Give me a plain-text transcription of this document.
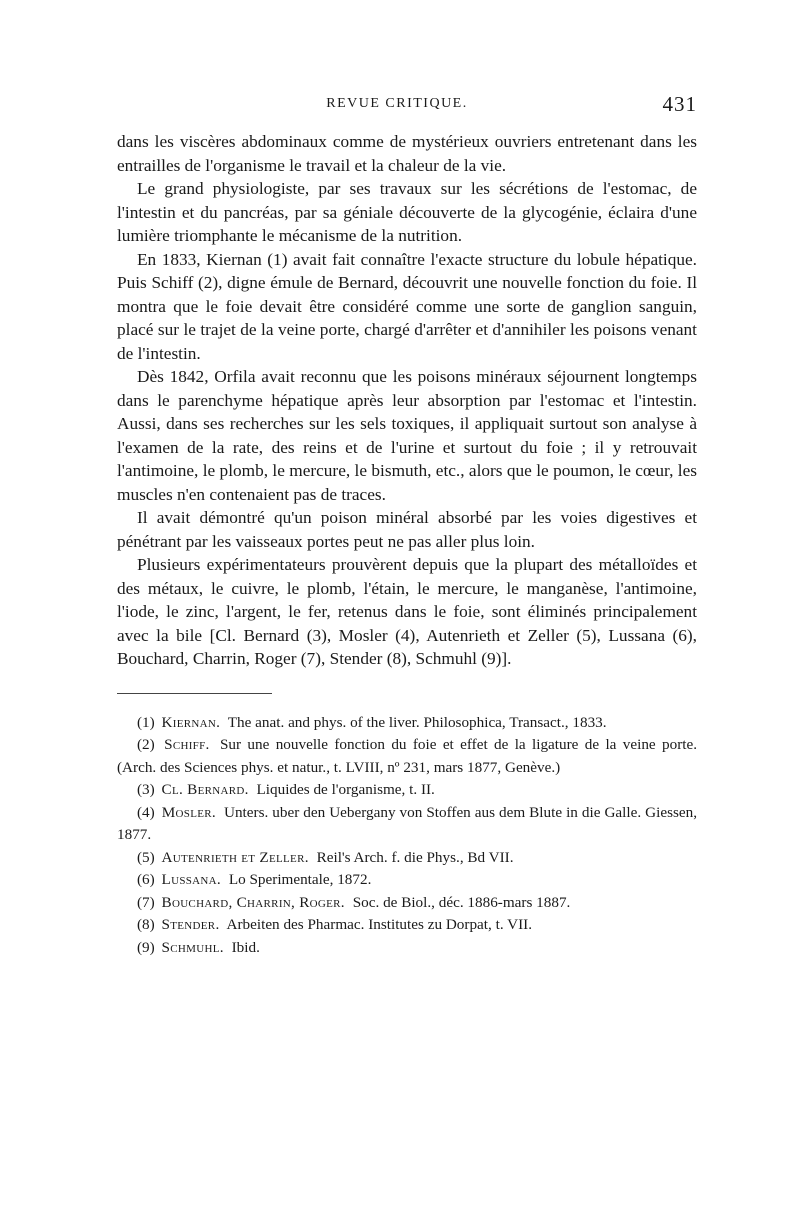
REVUE CRITIQUE.	431

dans les viscères abdominaux comme de mystérieux ouvriers entretenant dans les entrailles de l'organisme le travail et la chaleur de la vie.

Le grand physiologiste, par ses travaux sur les sécrétions de l'estomac, de l'intestin et du pancréas, par sa géniale découverte de la glycogénie, éclaira d'une lumière triomphante le mécanisme de la nutrition.

En 1833, Kiernan (1) avait fait connaître l'exacte structure du lobule hépatique. Puis Schiff (2), digne émule de Bernard, découvrit une nouvelle fonction du foie. Il montra que le foie devait être considéré comme une sorte de ganglion sanguin, placé sur le trajet de la veine porte, chargé d'arrêter et d'annihiler les poisons venant de l'intestin.

Dès 1842, Orfila avait reconnu que les poisons minéraux séjournent longtemps dans le parenchyme hépatique après leur absorption par l'estomac et l'intestin. Aussi, dans ses recherches sur les sels toxiques, il appliquait surtout son analyse à l'examen de la rate, des reins et de l'urine et surtout du foie ; il y retrouvait l'antimoine, le plomb, le mercure, le bismuth, etc., alors que le poumon, le cœur, les muscles n'en contenaient pas de traces.

Il avait démontré qu'un poison minéral absorbé par les voies digestives et pénétrant par les vaisseaux portes peut ne pas aller plus loin.

Plusieurs expérimentateurs prouvèrent depuis que la plupart des métalloïdes et des métaux, le cuivre, le plomb, l'étain, le mercure, le manganèse, l'antimoine, l'iode, le zinc, l'argent, le fer, retenus dans le foie, sont éliminés principalement avec la bile [Cl. Bernard (3), Mosler (4), Autenrieth et Zeller (5), Lussana (6), Bouchard, Charrin, Roger (7), Stender (8), Schmuhl (9)].

(1) Kiernan. The anat. and phys. of the liver. Philosophica, Transact., 1833.
(2) Schiff. Sur une nouvelle fonction du foie et effet de la ligature de la veine porte. (Arch. des Sciences phys. et natur., t. LVIII, nº 231, mars 1877, Genève.)
(3) Cl. Bernard. Liquides de l'organisme, t. II.
(4) Mosler. Unters. uber den Uebergany von Stoffen aus dem Blute in die Galle. Giessen, 1877.
(5) Autenrieth et Zeller. Reil's Arch. f. die Phys., Bd VII.
(6) Lussana. Lo Sperimentale, 1872.
(7) Bouchard, Charrin, Roger. Soc. de Biol., déc. 1886-mars 1887.
(8) Stender. Arbeiten des Pharmac. Institutes zu Dorpat, t. VII.
(9) Schmuhl. Ibid.
